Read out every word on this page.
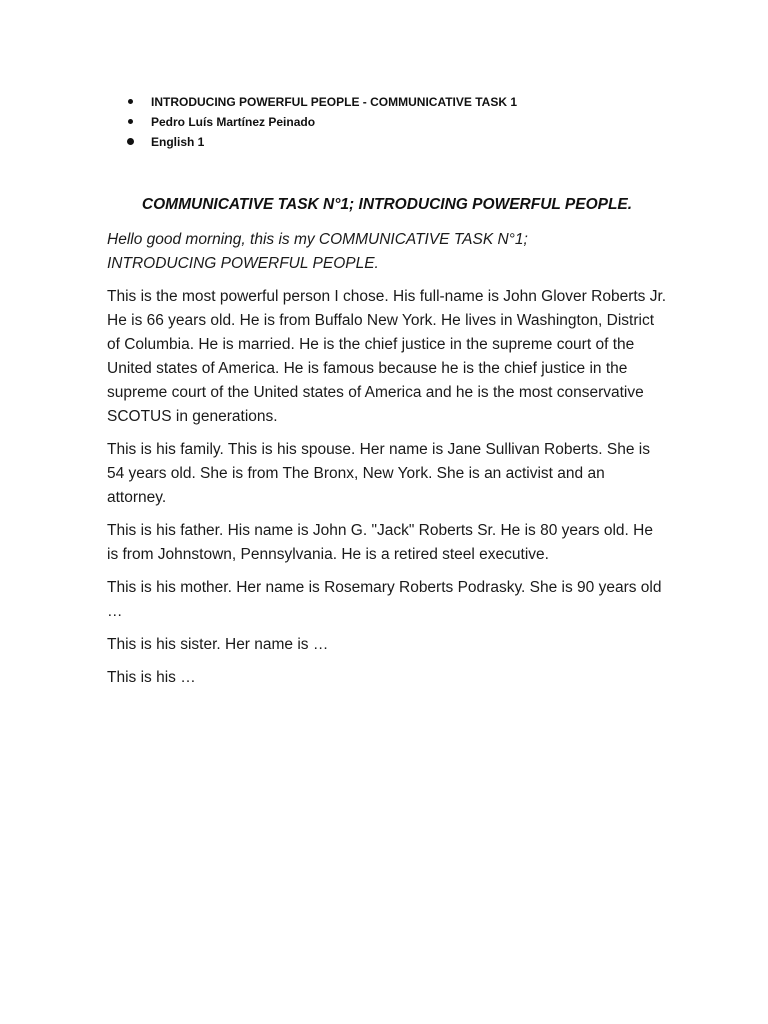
INTRODUCING POWERFUL PEOPLE - COMMUNICATIVE TASK 1
Pedro Luís Martínez Peinado
English 1

COMMUNICATIVE TASK N°1; INTRODUCING POWERFUL PEOPLE.

Hello good morning, this is my COMMUNICATIVE TASK N°1;
INTRODUCING POWERFUL PEOPLE.

This is the most powerful person I chose. His full-name is John Glover Roberts Jr. He is 66 years old. He is from Buffalo New York. He lives in Washington, District of Columbia. He is married. He is the chief justice in the supreme court of the United states of America. He is famous because he is the chief justice in the supreme court of the United states of America and he is the most conservative SCOTUS in generations.

This is his family. This is his spouse. Her name is Jane Sullivan Roberts. She is 54 years old. She is from The Bronx, New York. She is an activist and an attorney.

This is his father. His name is John G. "Jack" Roberts Sr. He is 80 years old. He is from Johnstown, Pennsylvania. He is a retired steel executive.

This is his mother. Her name is Rosemary Roberts Podrasky. She is 90 years old …

This is his sister. Her name is …

This is his …
